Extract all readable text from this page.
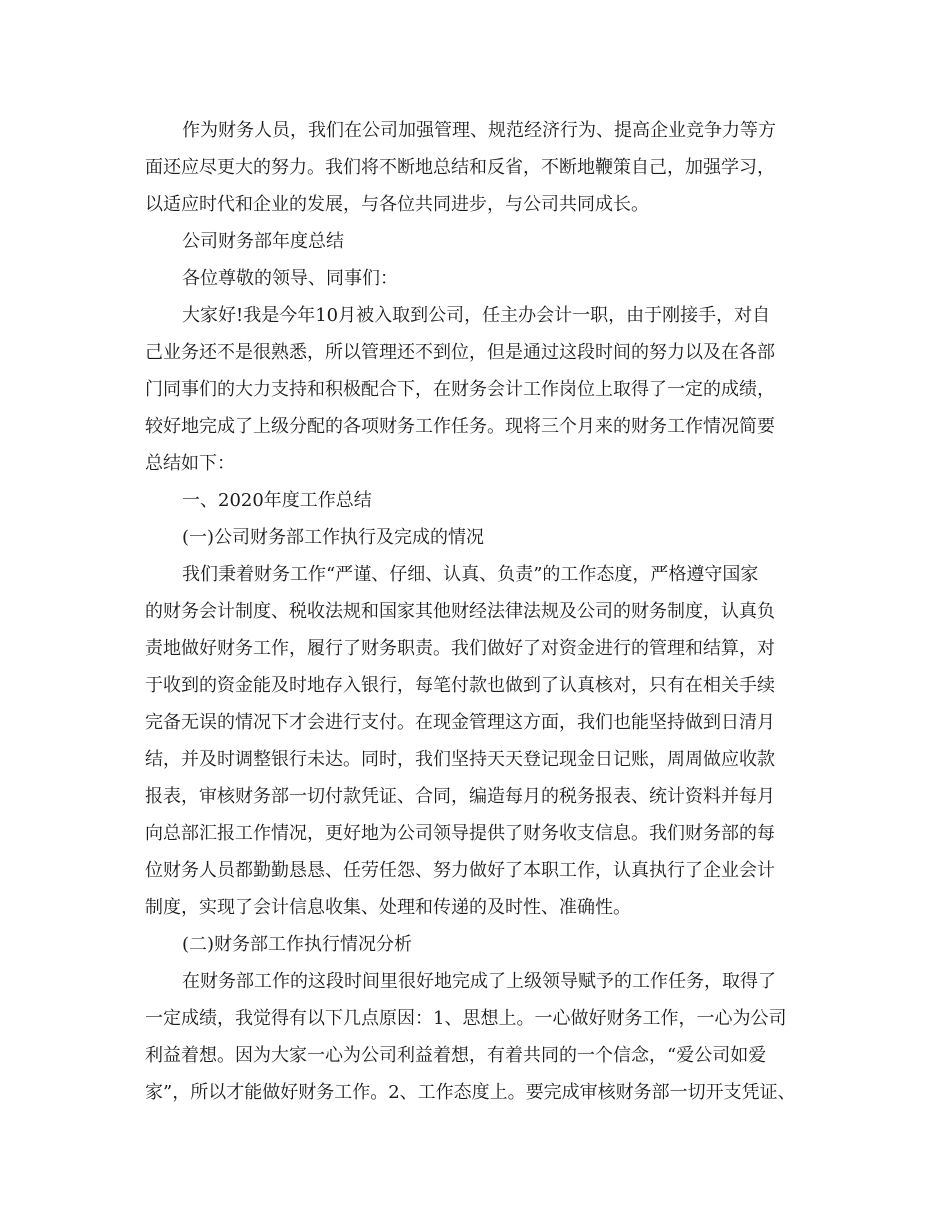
作为财务人员，我们在公司加强管理、规范经济行为、提高企业竞争力等方
面还应尽更大的努力。我们将不断地总结和反省，不断地鞭策自己，加强学习，
以适应时代和企业的发展，与各位共同进步，与公司共同成长。
公司财务部年度总结
各位尊敬的领导、同事们：
大家好!我是今年10月被入取到公司，任主办会计一职，由于刚接手，对自
己业务还不是很熟悉，所以管理还不到位，但是通过这段时间的努力以及在各部
门同事们的大力支持和积极配合下，在财务会计工作岗位上取得了一定的成绩，
较好地完成了上级分配的各项财务工作任务。现将三个月来的财务工作情况简要
总结如下：
一、2020年度工作总结
(一)公司财务部工作执行及完成的情况
我们秉着财务工作“严谨、仔细、认真、负责”的工作态度，严格遵守国家
的财务会计制度、税收法规和国家其他财经法律法规及公司的财务制度，认真负
责地做好财务工作，履行了财务职责。我们做好了对资金进行的管理和结算，对
于收到的资金能及时地存入银行，每笔付款也做到了认真核对，只有在相关手续
完备无误的情况下才会进行支付。在现金管理这方面，我们也能坚持做到日清月
结，并及时调整银行未达。同时，我们坚持天天登记现金日记账，周周做应收款
报表，审核财务部一切付款凭证、合同，编造每月的税务报表、统计资料并每月
向总部汇报工作情况，更好地为公司领导提供了财务收支信息。我们财务部的每
位财务人员都勤勤恳恳、任劳任怨、努力做好了本职工作，认真执行了企业会计
制度，实现了会计信息收集、处理和传递的及时性、准确性。
(二)财务部工作执行情况分析
在财务部工作的这段时间里很好地完成了上级领导赋予的工作任务，取得了
一定成绩，我觉得有以下几点原因：1、思想上。一心做好财务工作，一心为公司
利益着想。因为大家一心为公司利益着想，有着共同的一个信念，“爱公司如爱
家”，所以才能做好财务工作。2、工作态度上。要完成审核财务部一切开支凭证、
